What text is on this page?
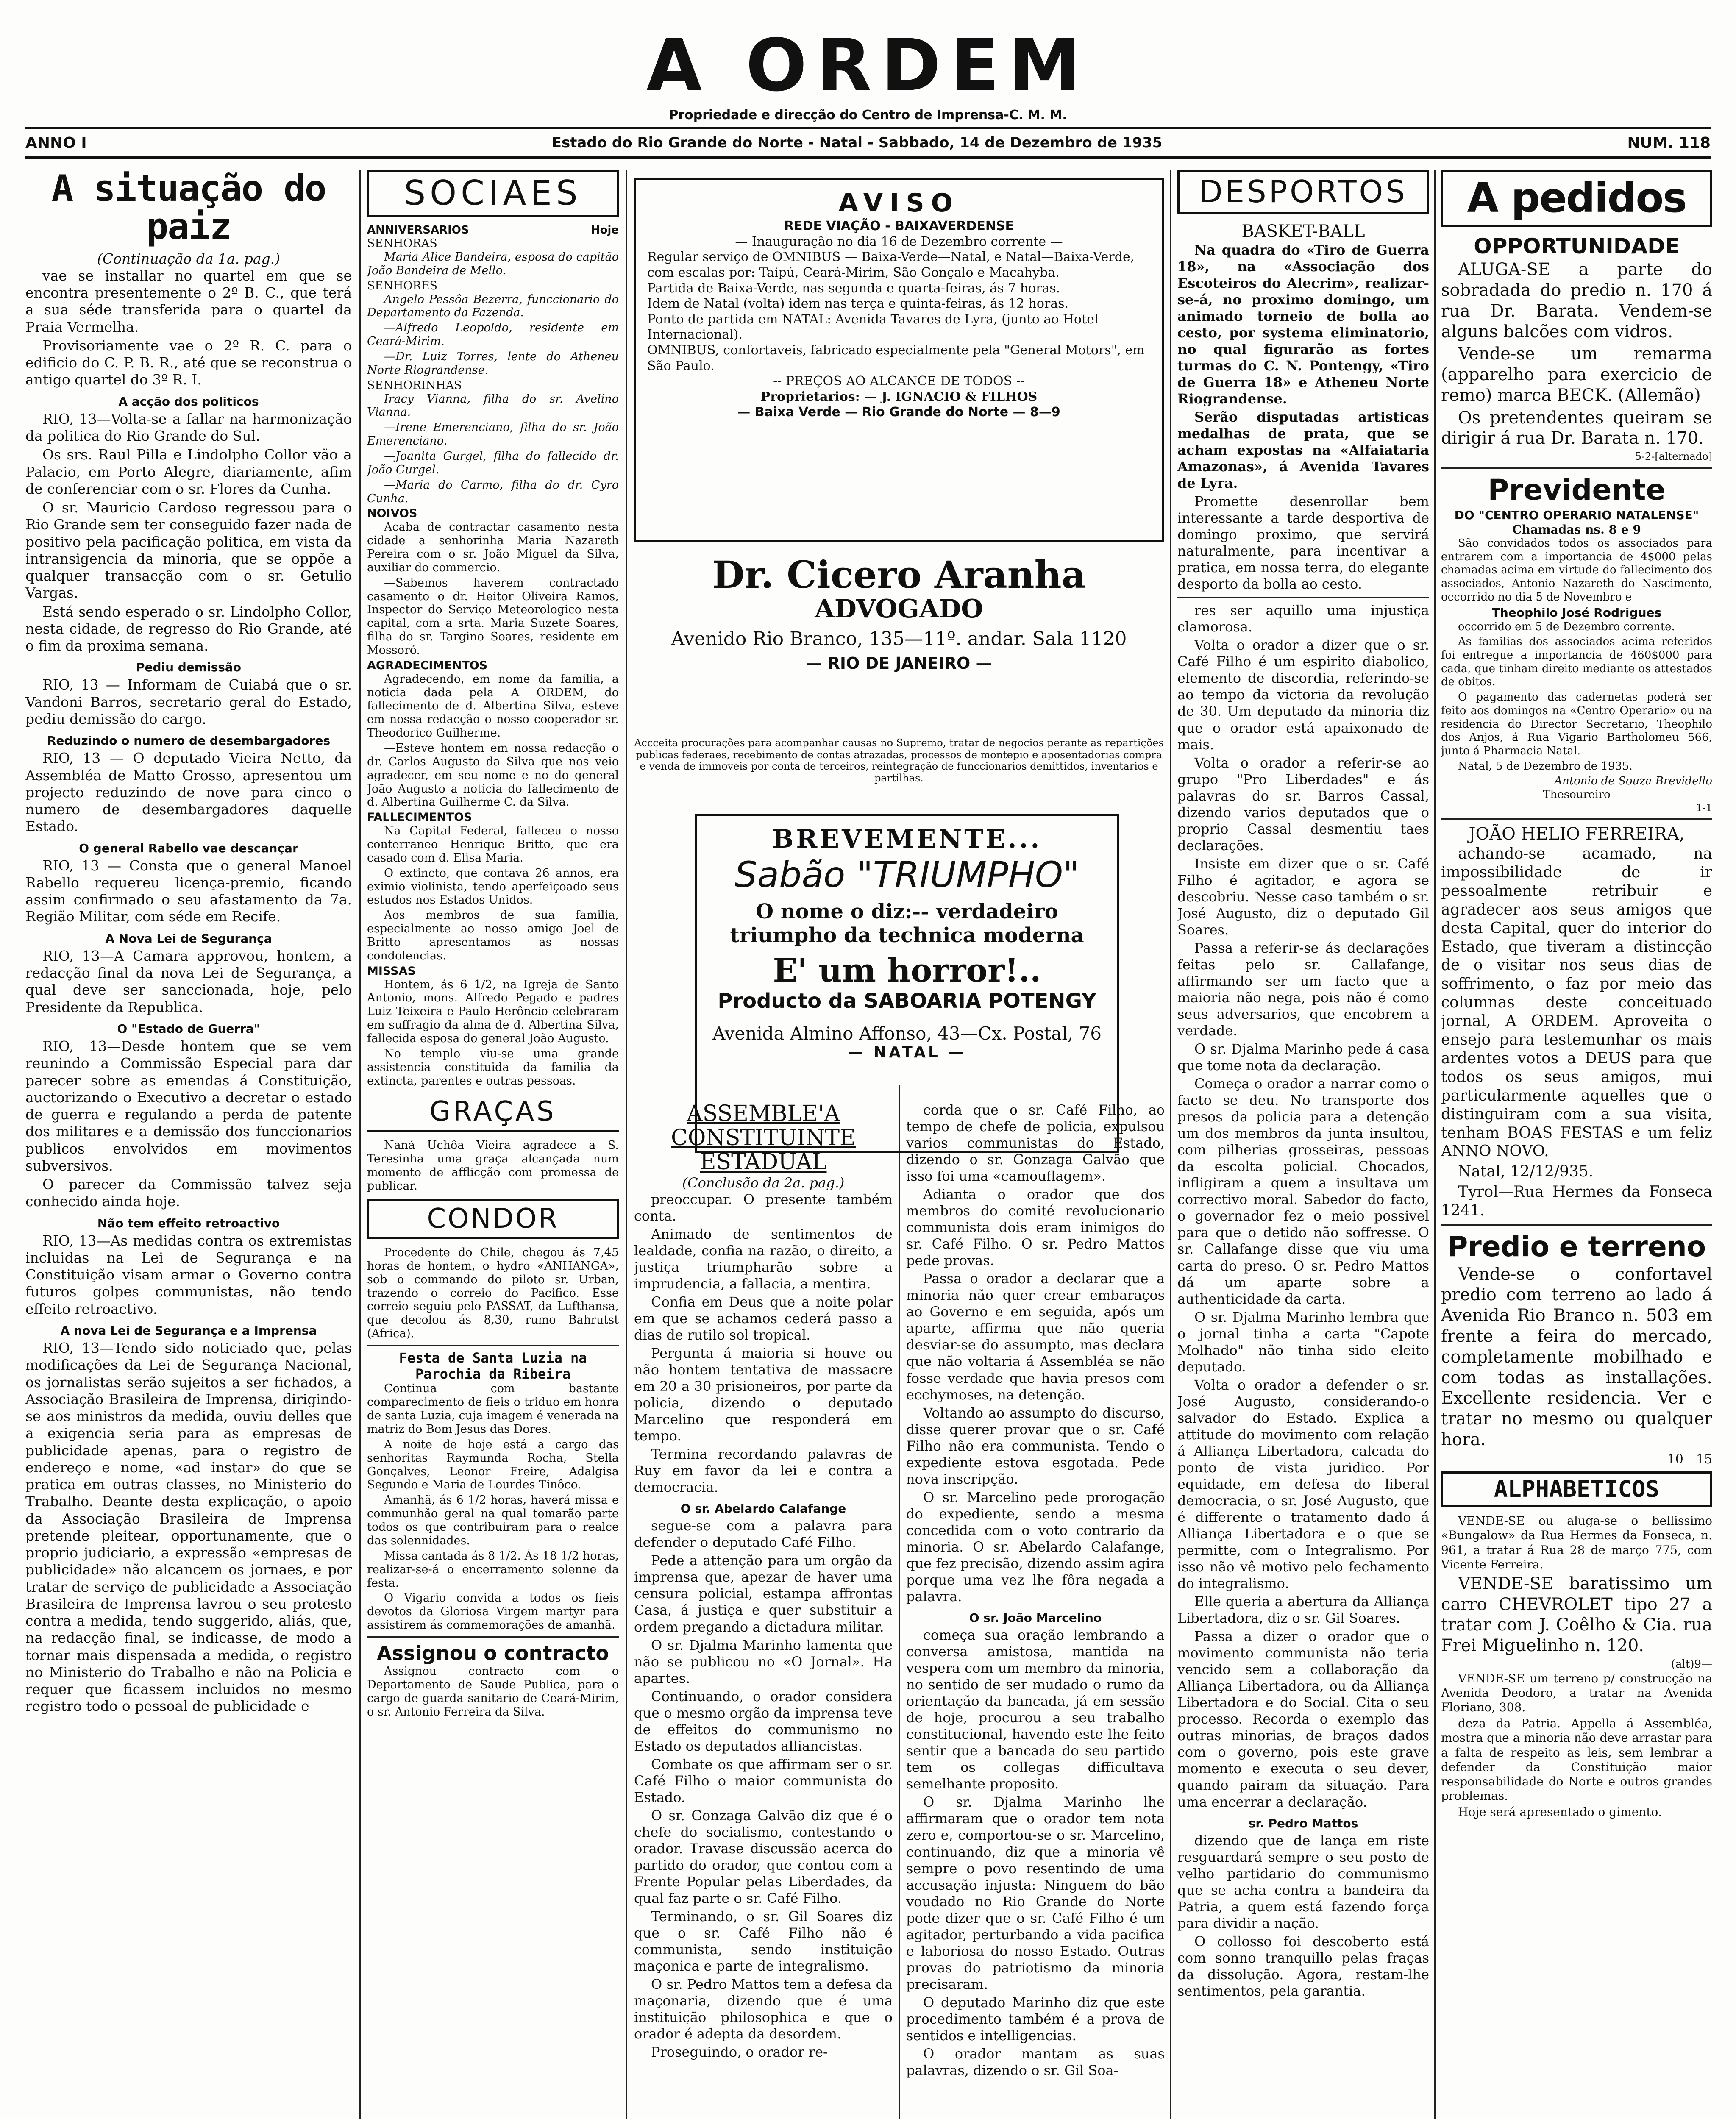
A ORDEM
Propriedade e direcção do Centro de Imprensa-C. M. M.
ANNO I	Estado do Rio Grande do Norte - Natal - Sabbado, 14 de Dezembro de 1935	NUM. 118
A situação do paiz
(Continuação da 1a. pag.)

vae se installar no quartel em que se encontra presentemente o 2º B. C., que terá a sua séde transferida para o quartel da Praia Vermelha.

Provisoriamente vae o 2º R. C. para o edificio do C. P. B. R., até que se reconstrua o antigo quartel do 3º R. I.

A acção dos politicos

RIO, 13—Volta-se a fallar na harmonização da politica do Rio Grande do Sul.

Os srs. Raul Pilla e Lindolpho Collor vão a Palacio, em Porto Alegre, diariamente, afim de conferenciar com o sr. Flores da Cunha.

O sr. Mauricio Cardoso regressou para o Rio Grande sem ter conseguido fazer nada de positivo pela pacificação politica, em vista da intransigencia da minoria, que se oppõe a qualquer transacção com o sr. Getulio Vargas.

Está sendo esperado o sr. Lindolpho Collor, nesta cidade, de regresso do Rio Grande, até o fim da proxima semana.

Pediu demissão

RIO, 13 — Informam de Cuiabá que o sr. Vandoni Barros, secretario geral do Estado, pediu demissão do cargo.

Reduzindo o numero de desembargadores

RIO, 13 — O deputado Vieira Netto, da Assembléa de Matto Grosso, apresentou um projecto reduzindo de nove para cinco o numero de desembargadores daquelle Estado.

O general Rabello vae descançar

RIO, 13 — Consta que o general Manoel Rabello requereu licença-premio, ficando assim confirmado o seu afastamento da 7a. Região Militar, com séde em Recife.

A Nova Lei de Segurança

RIO, 13—A Camara approvou, hontem, a redacção final da nova Lei de Segurança, a qual deve ser sanccionada, hoje, pelo Presidente da Republica.

O "Estado de Guerra"

RIO, 13—Desde hontem que se vem reunindo a Commissão Especial para dar parecer sobre as emendas á Constituição, auctorizando o Executivo a decretar o estado de guerra e regulando a perda de patente dos militares e a demissão dos funccionarios publicos envolvidos em movimentos subversivos.

O parecer da Commissão talvez seja conhecido ainda hoje.

Não tem effeito retroactivo

RIO, 13—As medidas contra os extremistas incluidas na Lei de Segurança e na Constituição visam armar o Governo contra futuros golpes communistas, não tendo effeito retroactivo.

A nova Lei de Segurança e a Imprensa

RIO, 13—Tendo sido noticiado que, pelas modificações da Lei de Segurança Nacional, os jornalistas serão sujeitos a ser fichados, a Associação Brasileira de Imprensa, dirigindo-se aos ministros da medida, ouviu delles que a exigencia seria para as empresas de publicidade apenas, para o registro de endereço e nome, «ad instar» do que se pratica em outras classes, no Ministerio do Trabalho. Deante desta explicação, o apoio da Associação Brasileira de Imprensa pretende pleitear, opportunamente, que o proprio judiciario, a expressão «empresas de publicidade» não alcancem os jornaes, e por tratar de serviço de publicidade a Associação Brasileira de Imprensa lavrou o seu protesto contra a medida, tendo suggerido, aliás, que, na redacção final, se indicasse, de modo a tornar mais dispensada a medida, o registro no Ministerio do Trabalho e não na Policia e requer que ficassem incluidos no mesmo registro todo o pessoal de publicidade e

SOCIAES
ANNIVERSARIOS	Hoje
SENHORAS

Maria Alice Bandeira, esposa do capitão João Bandeira de Mello.

SENHORES

Angelo Pessôa Bezerra, funccionario do Departamento da Fazenda.

—Alfredo Leopoldo, residente em Ceará-Mirim.

—Dr. Luiz Torres, lente do Atheneu Norte Riograndense.

SENHORINHAS

Iracy Vianna, filha do sr. Avelino Vianna.

—Irene Emerenciano, filha do sr. João Emerenciano.

—Joanita Gurgel, filha do fallecido dr. João Gurgel.

—Maria do Carmo, filha do dr. Cyro Cunha.

NOIVOS

Acaba de contractar casamento nesta cidade a senhorinha Maria Nazareth Pereira com o sr. João Miguel da Silva, auxiliar do commercio.

—Sabemos haverem contractado casamento o dr. Heitor Oliveira Ramos, Inspector do Serviço Meteorologico nesta capital, com a srta. Maria Suzete Soares, filha do sr. Targino Soares, residente em Mossoró.

AGRADECIMENTOS

Agradecendo, em nome da familia, a noticia dada pela A ORDEM, do fallecimento de d. Albertina Silva, esteve em nossa redacção o nosso cooperador sr. Theodorico Guilherme.

—Esteve hontem em nossa redacção o dr. Carlos Augusto da Silva que nos veio agradecer, em seu nome e no do general João Augusto a noticia do fallecimento de d. Albertina Guilherme C. da Silva.

FALLECIMENTOS

Na Capital Federal, falleceu o nosso conterraneo Henrique Britto, que era casado com d. Elisa Maria.

O extincto, que contava 26 annos, era eximio violinista, tendo aperfeiçoado seus estudos nos Estados Unidos.

Aos membros de sua familia, especialmente ao nosso amigo Joel de Britto apresentamos as nossas condolencias.

MISSAS

Hontem, ás 6 1/2, na Igreja de Santo Antonio, mons. Alfredo Pegado e padres Luiz Teixeira e Paulo Herôncio celebraram em suffragio da alma de d. Albertina Silva, fallecida esposa do general João Augusto.

No templo viu-se uma grande assistencia constituida da familia da extincta, parentes e outras pessoas.

GRAÇAS

Naná Uchôa Vieira agradece a S. Teresinha uma graça alcançada num momento de afflicção com promessa de publicar.

CONDOR

Procedente do Chile, chegou ás 7,45 horas de hontem, o hydro «ANHANGA», sob o commando do piloto sr. Urban, trazendo o correio do Pacifico. Esse correio seguiu pelo PASSAT, da Lufthansa, que decolou ás 8,30, rumo Bahrutst (Africa).

Festa de Santa Luzia na Parochia da Ribeira

Continua com bastante comparecimento de fieis o triduo em honra de santa Luzia, cuja imagem é venerada na matriz do Bom Jesus das Dores.

A noite de hoje está a cargo das senhoritas Raymunda Rocha, Stella Gonçalves, Leonor Freire, Adalgisa Segundo e Maria de Lourdes Tinôco.

Amanhã, ás 6 1/2 horas, haverá missa e communhão geral na qual tomarão parte todos os que contribuiram para o realce das solennidades.

Missa cantada ás 8 1/2. Ás 18 1/2 horas, realizar-se-á o encerramento solenne da festa.

O Vigario convida a todos os fieis devotos da Gloriosa Virgem martyr para assistirem ás commemorações de amanhã.

Assignou o contracto

Assignou contracto com o Departamento de Saude Publica, para o cargo de guarda sanitario de Ceará-Mirim, o sr. Antonio Ferreira da Silva.

AVISO
REDE VIAÇÃO - BAIXAVERDENSE
— Inauguração no dia 16 de Dezembro corrente —
Regular serviço de OMNIBUS — Baixa-Verde—Natal, e Natal—Baixa-Verde, com escalas por: Taipú, Ceará-Mirim, São Gonçalo e Macahyba.
Partida de Baixa-Verde, nas segunda e quarta-feiras, ás 7 horas.
Idem de Natal (volta) idem nas terça e quinta-feiras, ás 12 horas.
Ponto de partida em NATAL: Avenida Tavares de Lyra, (junto ao Hotel Internacional).
OMNIBUS, confortaveis, fabricado especialmente pela "General Motors", em São Paulo.
-- PREÇOS AO ALCANCE DE TODOS --
Proprietarios: — J. IGNACIO & FILHOS
— Baixa Verde — Rio Grande do Norte — 8—9
Dr. Cicero Aranha
ADVOGADO
Avenido Rio Branco, 135—11º. andar. Sala 1120
— RIO DE JANEIRO —
Accceita procurações para acompanhar causas no Supremo, tratar de negocios perante as repartições publicas federaes, recebimento de contas atrazadas, processos de montepio e aposentadorias compra e venda de immoveis por conta de terceiros, reintegração de funccionarios demittidos, inventarios e partilhas.
BREVEMENTE...
Sabão "TRIUMPHO"
O nome o diz:-- verdadeiro triumpho da technica moderna
E' um horror!..
Producto da SABOARIA POTENGY
Avenida Almino Affonso, 43—Cx. Postal, 76
— NATAL —
ASSEMBLE'A CONSTITUINTE ESTADUAL
(Conclusão da 2a. pag.)

preoccupar. O presente também conta.

Animado de sentimentos de lealdade, confia na razão, o direito, a justiça triumpharão sobre a imprudencia, a fallacia, a mentira.

Confia em Deus que a noite polar em que se achamos cederá passo a dias de rutilo sol tropical.

Pergunta á maioria si houve ou não hontem tentativa de massacre em 20 a 30 prisioneiros, por parte da policia, dizendo o deputado Marcelino que responderá em tempo.

Termina recordando palavras de Ruy em favor da lei e contra a democracia.

O sr. Abelardo Calafange

segue-se com a palavra para defender o deputado Café Filho.

Pede a attenção para um orgão da imprensa que, apezar de haver uma censura policial, estampa affrontas Casa, á justiça e quer substituir a ordem pregando a dictadura militar.

O sr. Djalma Marinho lamenta que não se publicou no «O Jornal». Ha apartes.

Continuando, o orador considera que o mesmo orgão da imprensa teve de effeitos do communismo no Estado os deputados alliancistas.

Combate os que affirmam ser o sr. Café Filho o maior communista do Estado.

O sr. Gonzaga Galvão diz que é o chefe do socialismo, contestando o orador. Travase discussão acerca do partido do orador, que contou com a Frente Popular pelas Liberdades, da qual faz parte o sr. Café Filho.

Terminando, o sr. Gil Soares diz que o sr. Café Filho não é communista, sendo instituição maçonica e parte de integralismo.

O sr. Pedro Mattos tem a defesa da maçonaria, dizendo que é uma instituição philosophica e que o orador é adepta da desordem.

Proseguindo, o orador re-

corda que o sr. Café Filho, ao tempo de chefe de policia, expulsou varios communistas do Estado, dizendo o sr. Gonzaga Galvão que isso foi uma «camouflagem».

Adianta o orador que dos membros do comité revolucionario communista dois eram inimigos do sr. Café Filho. O sr. Pedro Mattos pede provas.

Passa o orador a declarar que a minoria não quer crear embaraços ao Governo e em seguida, após um aparte, affirma que não queria desviar-se do assumpto, mas declara que não voltaria á Assembléa se não fosse verdade que havia presos com ecchymoses, na detenção.

Voltando ao assumpto do discurso, disse querer provar que o sr. Café Filho não era communista. Tendo o expediente estova esgotada. Pede nova inscripção.

O sr. Marcelino pede prorogação do expediente, sendo a mesma concedida com o voto contrario da minoria. O sr. Abelardo Calafange, que fez precisão, dizendo assim agira porque uma vez lhe fôra negada a palavra.

O sr. João Marcelino

começa sua oração lembrando a conversa amistosa, mantida na vespera com um membro da minoria, no sentido de ser mudado o rumo da orientação da bancada, já em sessão de hoje, procurou a seu trabalho constitucional, havendo este lhe feito sentir que a bancada do seu partido tem os collegas difficultava semelhante proposito.

O sr. Djalma Marinho lhe affirmaram que o orador tem nota zero e, comportou-se o sr. Marcelino, continuando, diz que a minoria vê sempre o povo resentindo de uma accusação injusta: Ninguem do bão voudado no Rio Grande do Norte pode dizer que o sr. Café Filho é um agitador, perturbando a vida pacifica e laboriosa do nosso Estado. Outras provas do patriotismo da minoria precisaram.

O deputado Marinho diz que este procedimento também é a prova de sentidos e intelligencias.

O orador mantam as suas palavras, dizendo o sr. Gil Soa-

DESPORTOS
BASKET-BALL

Na quadra do «Tiro de Guerra 18», na «Associação dos Escoteiros do Alecrim», realizar-se-á, no proximo domingo, um animado torneio de bolla ao cesto, por systema eliminatorio, no qual figurarão as fortes turmas do C. N. Pontengy, «Tiro de Guerra 18» e Atheneu Norte Riograndense.

Serão disputadas artisticas medalhas de prata, que se acham expostas na «Alfaiataria Amazonas», á Avenida Tavares de Lyra.

Promette desenrollar bem interessante a tarde desportiva de domingo proximo, que servirá naturalmente, para incentivar a pratica, em nossa terra, do elegante desporto da bolla ao cesto.

res ser aquillo uma injustiça clamorosa.

Volta o orador a dizer que o sr. Café Filho é um espirito diabolico, elemento de discordia, referindo-se ao tempo da victoria da revolução de 30. Um deputado da minoria diz que o orador está apaixonado de mais.

Volta o orador a referir-se ao grupo "Pro Liberdades" e ás palavras do sr. Barros Cassal, dizendo varios deputados que o proprio Cassal desmentiu taes declarações.

Insiste em dizer que o sr. Café Filho é agitador, e agora se descobriu. Nesse caso também o sr. José Augusto, diz o deputado Gil Soares.

Passa a referir-se ás declarações feitas pelo sr. Callafange, affirmando ser um facto que a maioria não nega, pois não é como seus adversarios, que encobrem a verdade.

O sr. Djalma Marinho pede á casa que tome nota da declaração.

Começa o orador a narrar como o facto se deu. No transporte dos presos da policia para a detenção um dos membros da junta insultou, com pilherias grosseiras, pessoas da escolta policial. Chocados, infligiram a quem a insultava um correctivo moral. Sabedor do facto, o governador fez o meio possivel para que o detido não soffresse. O sr. Callafange disse que viu uma carta do preso. O sr. Pedro Mattos dá um aparte sobre a authenticidade da carta.

O sr. Djalma Marinho lembra que o jornal tinha a carta "Capote Molhado" não tinha sido eleito deputado.

Volta o orador a defender o sr. José Augusto, considerando-o salvador do Estado. Explica a attitude do movimento com relação á Alliança Libertadora, calcada do ponto de vista juridico. Por equidade, em defesa do liberal democracia, o sr. José Augusto, que é differente o tratamento dado á Alliança Libertadora e o que se permitte, com o Integralismo. Por isso não vê motivo pelo fechamento do integralismo.

Elle queria a abertura da Alliança Libertadora, diz o sr. Gil Soares.

Passa a dizer o orador que o movimento communista não teria vencido sem a collaboração da Alliança Libertadora, ou da Alliança Libertadora e do Social. Cita o seu processo. Recorda o exemplo das outras minorias, de braços dados com o governo, pois este grave momento e executa o seu dever, quando pairam da situação. Para uma encerrar a declaração.

sr. Pedro Mattos

dizendo que de lança em riste resguardará sempre o seu posto de velho partidario do communismo que se acha contra a bandeira da Patria, a quem está fazendo força para dividir a nação.

O collosso foi descoberto está com sonno tranquillo pelas fraças da dissolução. Agora, restam-lhe sentimentos, pela garantia.

A pedidos
OPPORTUNIDADE

ALUGA-SE a parte do sobradada do predio n. 170 á rua Dr. Barata. Vendem-se alguns balcões com vidros.

Vende-se um remarma (apparelho para exercicio de remo) marca BECK. (Allemão)

Os pretendentes queiram se dirigir á rua Dr. Barata n. 170.

5-2-[alternado]
Previdente
DO "CENTRO OPERARIO NATALENSE"
Chamadas ns. 8 e 9

São convidados todos os associados para entrarem com a importancia de 4$000 pelas chamadas acima em virtude do fallecimento dos associados, Antonio Nazareth do Nascimento, occorrido no dia 5 de Novembro e

Theophilo José Rodrigues

occorrido em 5 de Dezembro corrente.

As familias dos associados acima referidos foi entregue a importancia de 460$000 para cada, que tinham direito mediante os attestados de obitos.

O pagamento das cadernetas poderá ser feito aos domingos na «Centro Operario» ou na residencia do Director Secretario, Theophilo dos Anjos, á Rua Vigario Bartholomeu 566, junto á Pharmacia Natal.

Natal, 5 de Dezembro de 1935.

Antonio de Souza Brevidello
Thesoureiro
1-1
JOÃO HELIO FERREIRA,

achando-se acamado, na impossibilidade de ir pessoalmente retribuir e agradecer aos seus amigos que desta Capital, quer do interior do Estado, que tiveram a distincção de o visitar nos seus dias de soffrimento, o faz por meio das columnas deste conceituado jornal, A ORDEM. Aproveita o ensejo para testemunhar os mais ardentes votos a DEUS para que todos os seus amigos, mui particularmente aquelles que o distinguiram com a sua visita, tenham BOAS FESTAS e um feliz ANNO NOVO.

Natal, 12/12/935.

Tyrol—Rua Hermes da Fonseca 1241.

Predio e terreno

Vende-se o confortavel predio com terreno ao lado á Avenida Rio Branco n. 503 em frente a feira do mercado, completamente mobilhado e com todas as installações. Excellente residencia. Ver e tratar no mesmo ou qualquer hora.

10—15
ALPHABETICOS

VENDE-SE ou aluga-se o bellissimo «Bungalow» da Rua Hermes da Fonseca, n. 961, a tratar á Rua 28 de março 775, com Vicente Ferreira.

VENDE-SE baratissimo um carro CHEVROLET tipo 27 a tratar com J. Coêlho & Cia. rua Frei Miguelinho n. 120.

(alt)9—

VENDE-SE um terreno p/ construcção na Avenida Deodoro, a tratar na Avenida Floriano, 308.

deza da Patria. Appella á Assembléa, mostra que a minoria não deve arrastar para a falta de respeito as leis, sem lembrar a defender da Constituição maior responsabilidade do Norte e outros grandes problemas.

Hoje será apresentado o gimento.
